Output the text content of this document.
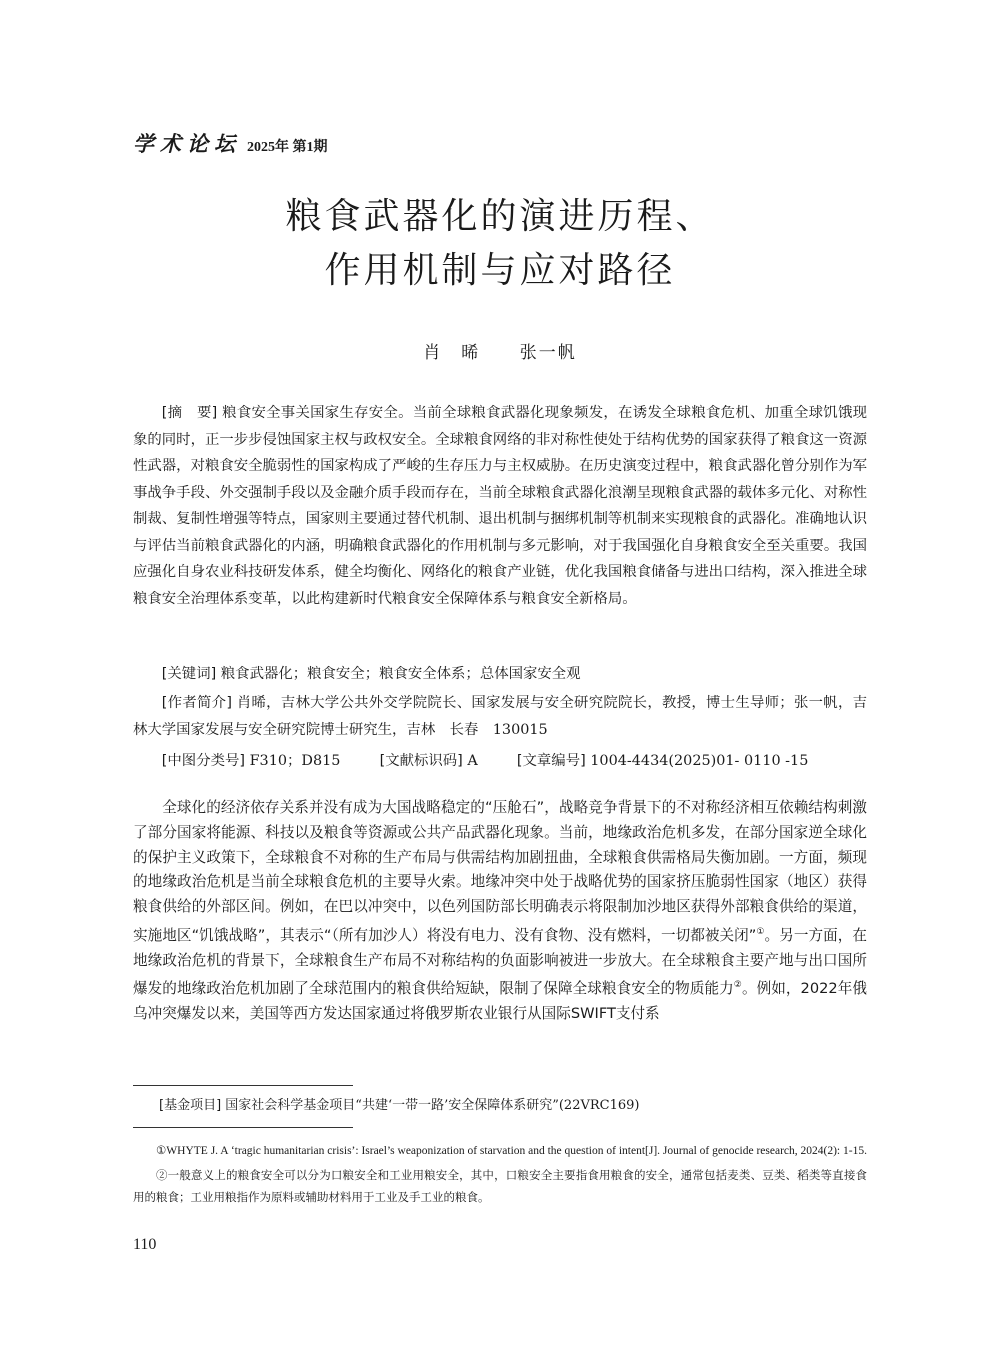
学术论坛 2025年 第1期
粮食武器化的演进历程、
作用机制与应对路径
肖　晞 张一帆
[摘　要] 粮食安全事关国家生存安全。当前全球粮食武器化现象频发，在诱发全球粮食危机、加重全球饥饿现象的同时，正一步步侵蚀国家主权与政权安全。全球粮食网络的非对称性使处于结构优势的国家获得了粮食这一资源性武器，对粮食安全脆弱性的国家构成了严峻的生存压力与主权威胁。在历史演变过程中，粮食武器化曾分别作为军事战争手段、外交强制手段以及金融介质手段而存在，当前全球粮食武器化浪潮呈现粮食武器的载体多元化、对称性制裁、复制性增强等特点，国家则主要通过替代机制、退出机制与捆绑机制等机制来实现粮食的武器化。准确地认识与评估当前粮食武器化的内涵，明确粮食武器化的作用机制与多元影响，对于我国强化自身粮食安全至关重要。我国应强化自身农业科技研发体系，健全均衡化、网络化的粮食产业链，优化我国粮食储备与进出口结构，深入推进全球粮食安全治理体系变革，以此构建新时代粮食安全保障体系与粮食安全新格局。
[关键词] 粮食武器化；粮食安全；粮食安全体系；总体国家安全观
[作者简介] 肖晞，吉林大学公共外交学院院长、国家发展与安全研究院院长，教授，博士生导师；张一帆，吉林大学国家发展与安全研究院博士研究生，吉林　长春　130015
[中图分类号] F310；D815	[文献标识码] A	[文章编号] 1004-4434(2025)01- 0110 -15
全球化的经济依存关系并没有成为大国战略稳定的“压舱石”，战略竞争背景下的不对称经济相互依赖结构刺激了部分国家将能源、科技以及粮食等资源或公共产品武器化现象。当前，地缘政治危机多发，在部分国家逆全球化的保护主义政策下，全球粮食不对称的生产布局与供需结构加剧扭曲，全球粮食供需格局失衡加剧。一方面，频现的地缘政治危机是当前全球粮食危机的主要导火索。地缘冲突中处于战略优势的国家挤压脆弱性国家（地区）获得粮食供给的外部区间。例如，在巴以冲突中，以色列国防部长明确表示将限制加沙地区获得外部粮食供给的渠道，实施地区“饥饿战略”，其表示“（所有加沙人）将没有电力、没有食物、没有燃料，一切都被关闭”①。另一方面，在地缘政治危机的背景下，全球粮食生产布局不对称结构的负面影响被进一步放大。在全球粮食主要产地与出口国所爆发的地缘政治危机加剧了全球范围内的粮食供给短缺，限制了保障全球粮食安全的物质能力②。例如，2022年俄乌冲突爆发以来，美国等西方发达国家通过将俄罗斯农业银行从国际SWIFT支付系
[基金项目] 国家社会科学基金项目“共建‘一带一路’安全保障体系研究”(22VRC169)

①WHYTE J. A ‘tragic humanitarian crisis’: Israel’s weaponization of starvation and the question of intent[J]. Journal of genocide research, 2024(2): 1-15.

②一般意义上的粮食安全可以分为口粮安全和工业用粮安全，其中，口粮安全主要指食用粮食的安全，通常包括麦类、豆类、稻类等直接食用的粮食；工业用粮指作为原料或辅助材料用于工业及手工业的粮食。

110
